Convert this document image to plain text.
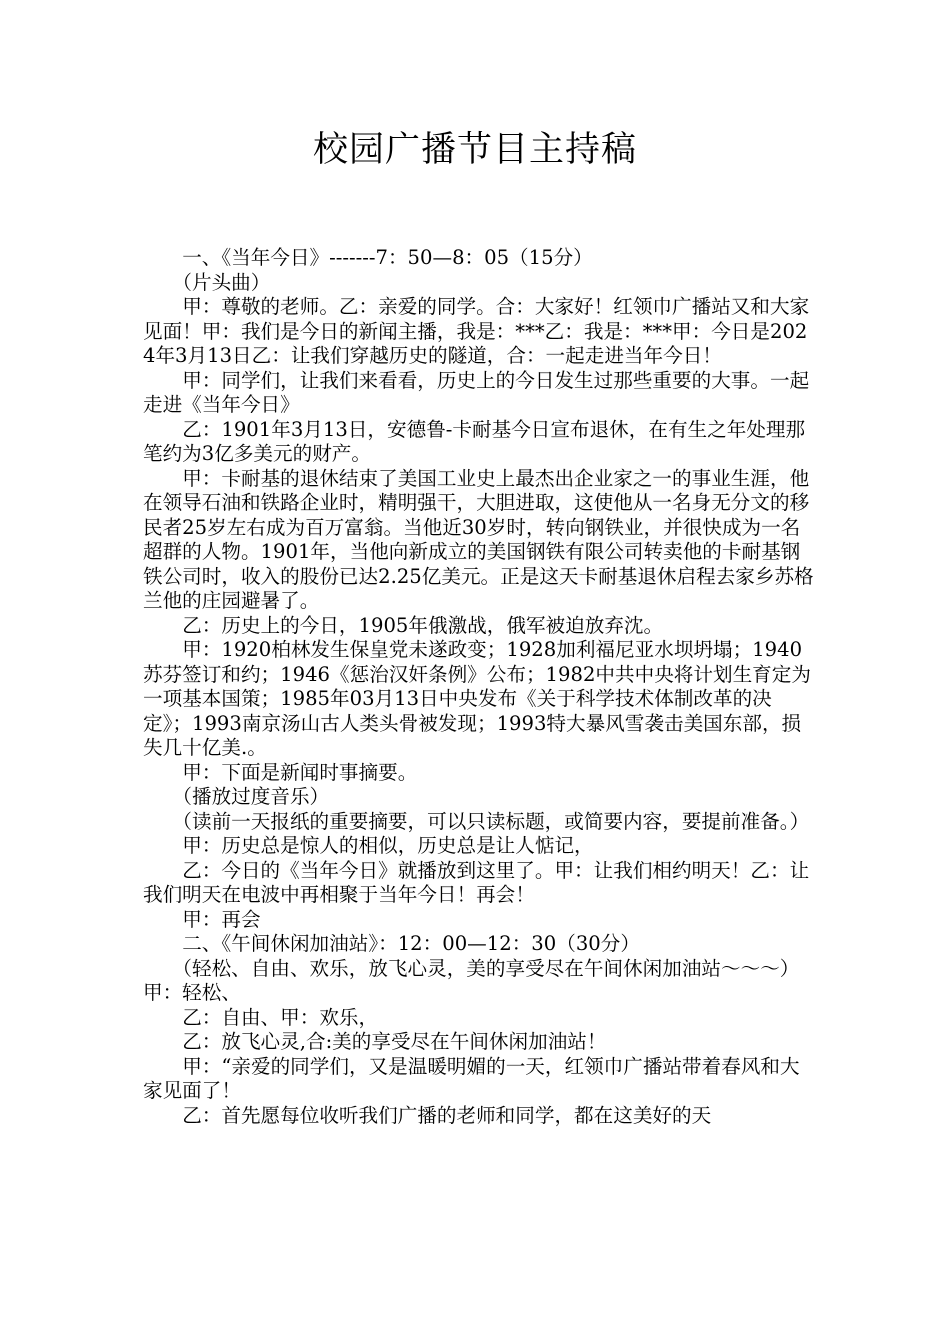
校园广播节目主持稿

一、《当年今日》-------7：50—8：05（15分）

（片头曲）

甲：尊敬的老师。乙：亲爱的同学。合：大家好！红领巾广播站又和大家见面！甲：我们是今日的新闻主播，我是：***乙：我是：***甲：今日是2024年3月13日乙：让我们穿越历史的隧道，合：一起走进当年今日！

甲：同学们，让我们来看看，历史上的今日发生过那些重要的大事。一起走进《当年今日》

乙：1901年3月13日，安德鲁-卡耐基今日宣布退休，在有生之年处理那笔约为3亿多美元的财产。

甲：卡耐基的退休结束了美国工业史上最杰出企业家之一的事业生涯，他在领导石油和铁路企业时，精明强干，大胆进取，这使他从一名身无分文的移民者25岁左右成为百万富翁。当他近30岁时，转向钢铁业，并很快成为一名超群的人物。1901年，当他向新成立的美国钢铁有限公司转卖他的卡耐基钢铁公司时，收入的股份已达2.25亿美元。正是这天卡耐基退休启程去家乡苏格兰他的庄园避暑了。

乙：历史上的今日，1905年俄激战，俄军被迫放弃沈。

甲：1920柏林发生保皇党未遂政变；1928加利福尼亚水坝坍塌；1940苏芬签订和约；1946《惩治汉奸条例》公布；1982中共中央将计划生育定为一项基本国策；1985年03月13日中央发布《关于科学技术体制改革的决定》；1993南京汤山古人类头骨被发现；1993特大暴风雪袭击美国东部，损失几十亿美.。

甲：下面是新闻时事摘要。

（播放过度音乐）

（读前一天报纸的重要摘要，可以只读标题，或简要内容，要提前准备。）

甲：历史总是惊人的相似，历史总是让人惦记，

乙：今日的《当年今日》就播放到这里了。甲：让我们相约明天！乙：让我们明天在电波中再相聚于当年今日！再会！

甲：再会

二、《午间休闲加油站》：12：00—12：30（30分）

（轻松、自由、欢乐，放飞心灵，美的享受尽在午间休闲加油站～～～）甲：轻松、

乙：自由、甲：欢乐，

乙：放飞心灵,合:美的享受尽在午间休闲加油站！

甲：“亲爱的同学们，又是温暖明媚的一天，红领巾广播站带着春风和大家见面了！

乙：首先愿每位收听我们广播的老师和同学，都在这美好的天
